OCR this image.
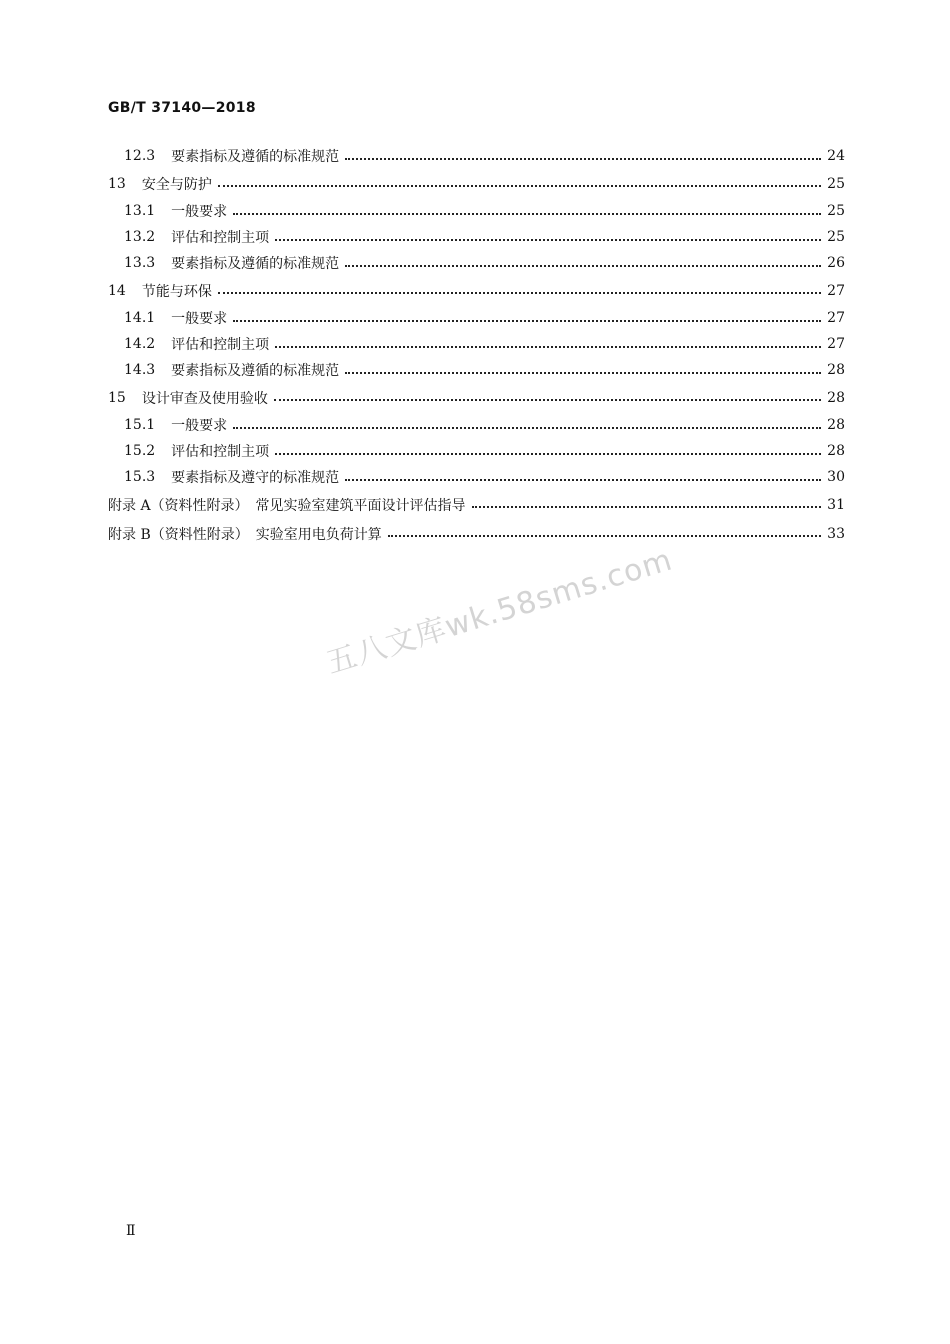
GB/T 37140—2018
12.3	要素指标及遵循的标准规范	24
13	安全与防护	25
13.1	一般要求	25
13.2	评估和控制主项	25
13.3	要素指标及遵循的标准规范	26
14	节能与环保	27
14.1	一般要求	27
14.2	评估和控制主项	27
14.3	要素指标及遵循的标准规范	28
15	设计审查及使用验收	28
15.1	一般要求	28
15.2	评估和控制主项	28
15.3	要素指标及遵守的标准规范	30
附录 A（资料性附录）　常见实验室建筑平面设计评估指导	31
附录 B（资料性附录）　实验室用电负荷计算	33
五八文库wk.58sms.com
Ⅱ
